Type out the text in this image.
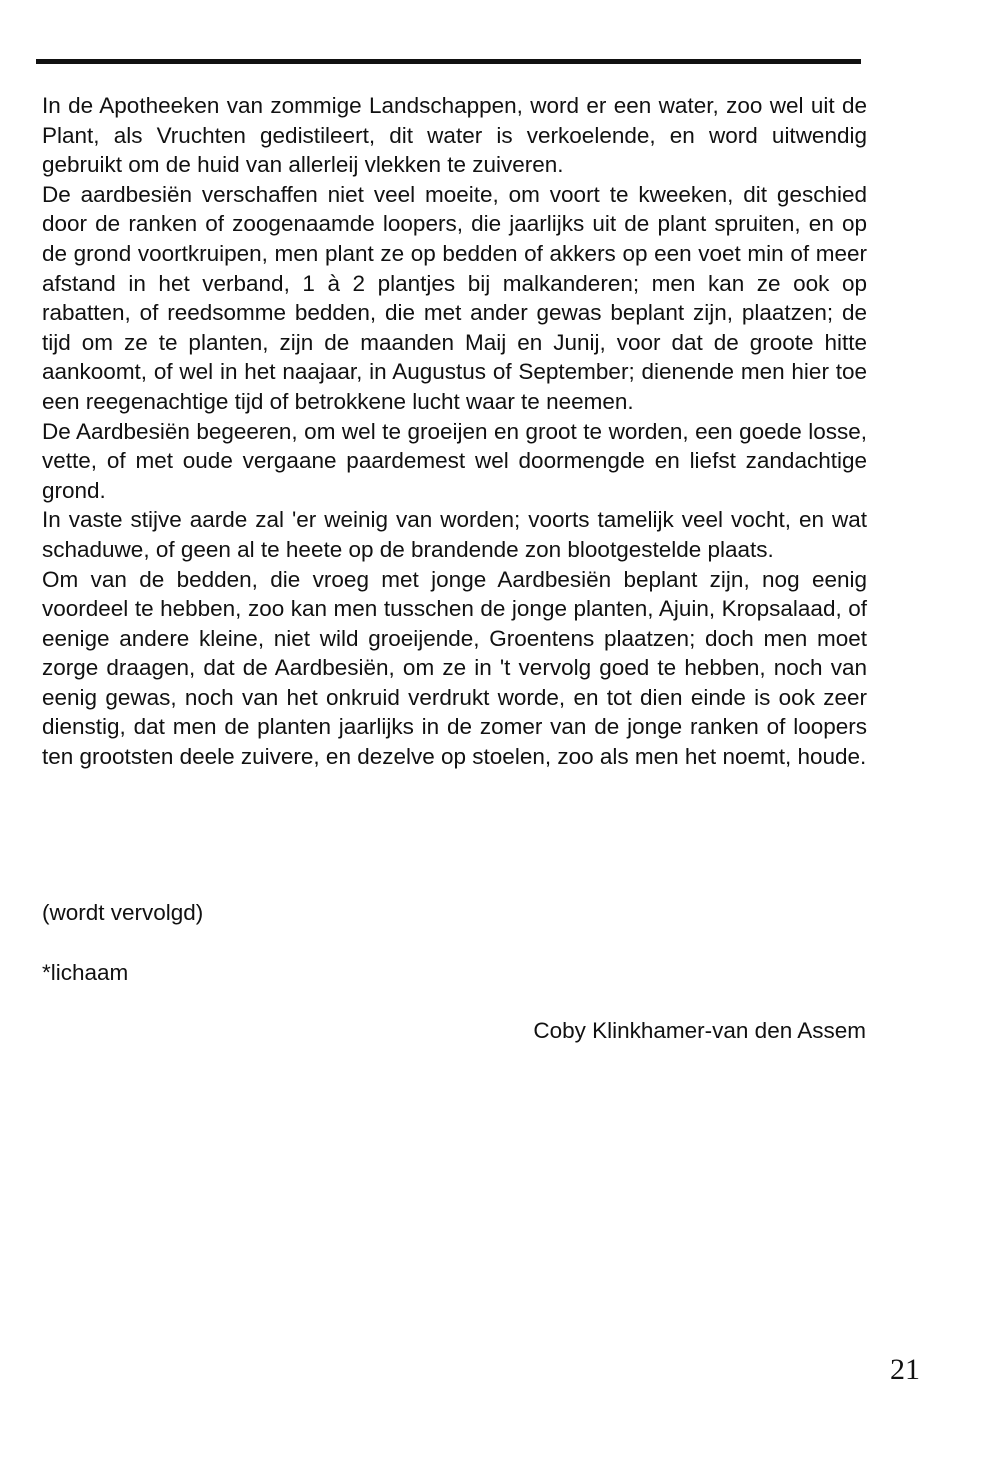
In de Apotheeken van zommige Landschappen, word er een water, zoo wel uit de Plant, als Vruchten gedistileert, dit water is verkoelende, en word uitwendig gebruikt om de huid van allerleij vlekken te zuiveren.

De aardbesiën verschaffen niet veel moeite, om voort te kweeken, dit geschied door de ranken of zoogenaamde loopers, die jaarlijks uit de plant spruiten, en op de grond voortkruipen, men plant ze op bedden of akkers op een voet min of meer afstand in het verband, 1 à 2 plantjes bij malkanderen; men kan ze ook op rabatten, of reedsomme bedden, die met ander gewas beplant zijn, plaatzen; de tijd om ze te planten, zijn de maanden Maij en Junij, voor dat de groote hitte aankoomt, of wel in het naajaar, in Augustus of September; dienende men hier toe een reegenachtige tijd of betrokkene lucht waar te neemen.

De Aardbesiën begeeren, om wel te groeijen en groot te worden, een goede losse, vette, of met oude vergaane paardemest wel doormengde en liefst zandachtige grond.

In vaste stijve aarde zal 'er weinig van worden; voorts tamelijk veel vocht, en wat schaduwe, of geen al te heete op de brandende zon blootgestelde plaats.

Om van de bedden, die vroeg met jonge Aardbesiën beplant zijn, nog eenig voordeel te hebben, zoo kan men tusschen de jonge planten, Ajuin, Kropsalaad, of eenige andere kleine, niet wild groeijende, Groentens plaatzen; doch men moet zorge draagen, dat de Aardbesiën, om ze in 't vervolg goed te hebben, noch van eenig gewas, noch van het onkruid verdrukt worde, en tot dien einde is ook zeer dienstig, dat men de planten jaarlijks in de zomer van de jonge ranken of loopers ten grootsten deele zuivere, en dezelve op stoelen, zoo als men het noemt, houde.

(wordt vervolgd)
*lichaam
Coby Klinkhamer-van den Assem
21
